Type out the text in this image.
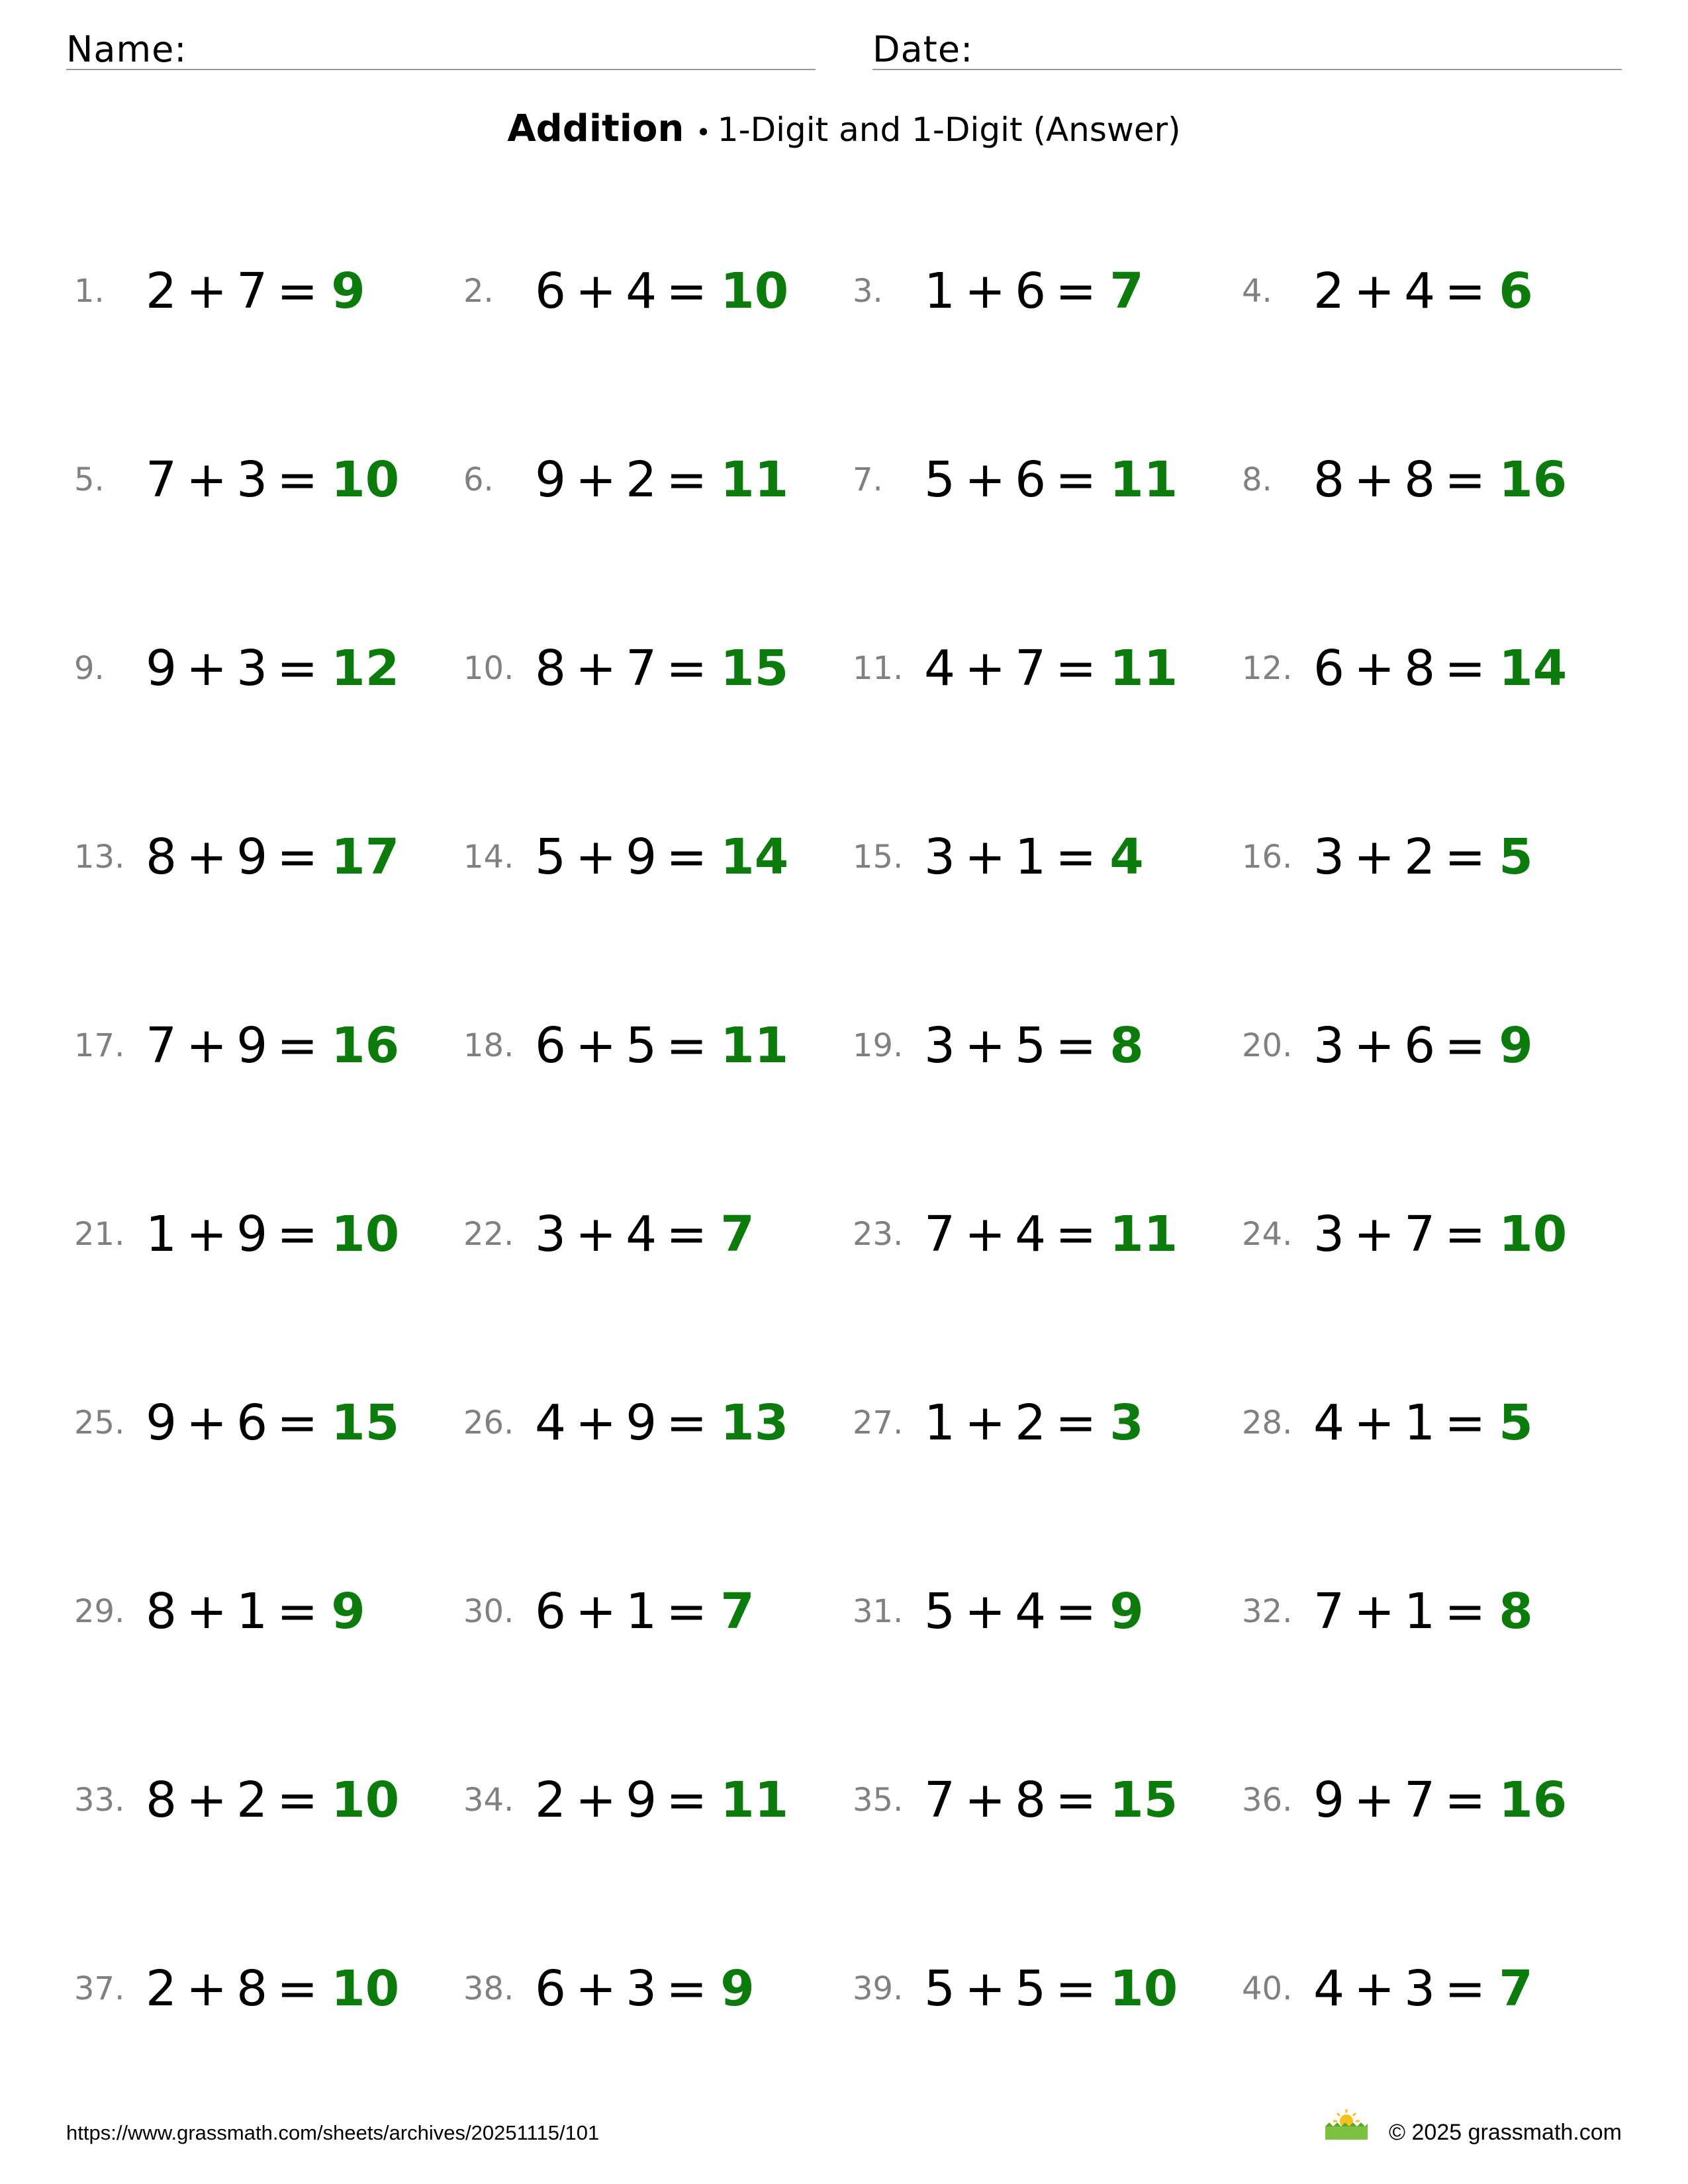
Name:	Date:
Addition • 1-Digit and 1-Digit (Answer)
1. 2 + 7 = 9	2. 6 + 4 = 10 3. 1 + 6 = 7	4. 2 + 4 = 6
5. 7 + 3 = 10 6. 9 + 2 = 11 7. 5 + 6 = 11 8. 8 + 8 = 16
9. 9 + 3 = 12 10. 8 + 7 = 15 11. 4 + 7 = 11 12. 6 + 8 = 14
13. 8 + 9 = 17 14. 5 + 9 = 14 15. 3 + 1 = 4	16. 3 + 2 = 5
17. 7 + 9 = 16 18. 6 + 5 = 11 19. 3 + 5 = 8	20. 3 + 6 = 9
21. 1 + 9 = 10 22. 3 + 4 = 7	23. 7 + 4 = 11 24. 3 + 7 = 10
25. 9 + 6 = 15 26. 4 + 9 = 13 27. 1 + 2 = 3	28. 4 + 1 = 5
29. 8 + 1 = 9	30. 6 + 1 = 7	31. 5 + 4 = 9	32. 7 + 1 = 8
33. 8 + 2 = 10 34. 2 + 9 = 11 35. 7 + 8 = 15 36. 9 + 7 = 16
37. 2 + 8 = 10 38. 6 + 3 = 9	39. 5 + 5 = 10 40. 4 + 3 = 7
https://www.grassmath.com/sheets/archives/20251115/101	© 2025 grassmath.com
